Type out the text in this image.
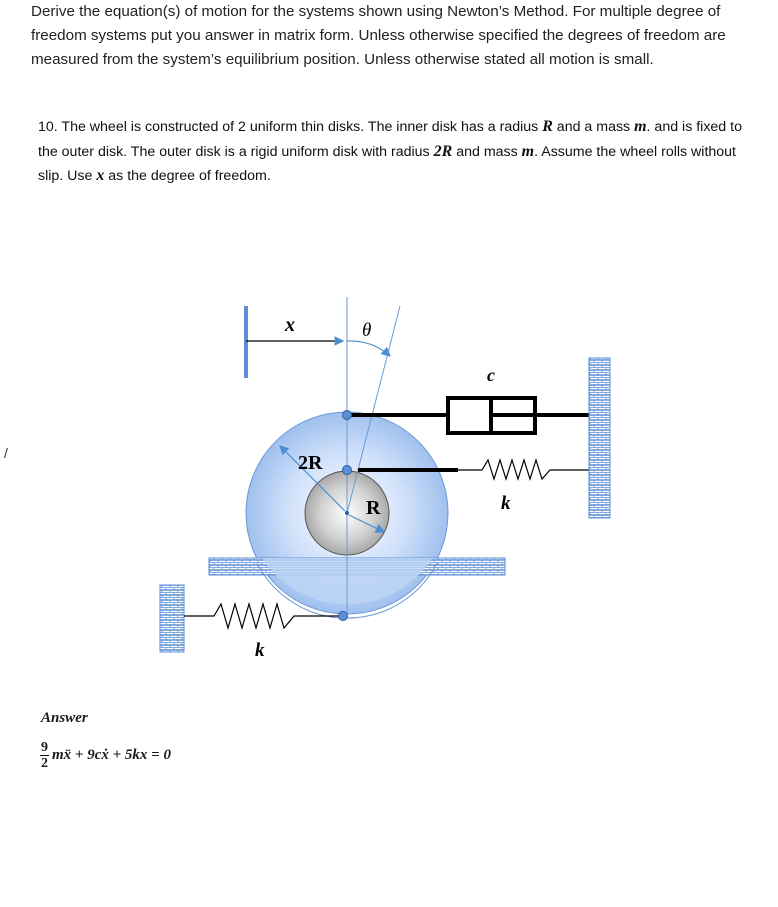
Derive the equation(s) of motion for the systems shown using Newton’s Method. For multiple degree of freedom systems put you answer in matrix form. Unless otherwise specified the degrees of freedom are measured from the system’s equilibrium position. Unless otherwise stated all motion is small.
10. The wheel is constructed of 2 uniform thin disks. The inner disk has a radius R and a mass m. and is fixed to the outer disk. The outer disk is a rigid uniform disk with radius 2R and mass m. Assume the wheel rolls without slip. Use x as the degree of freedom.
/
x	θ
c
2R
R	k
k
Answer
$\frac{9}{2}$ mẍ + 9cẋ + 5kx = 0
